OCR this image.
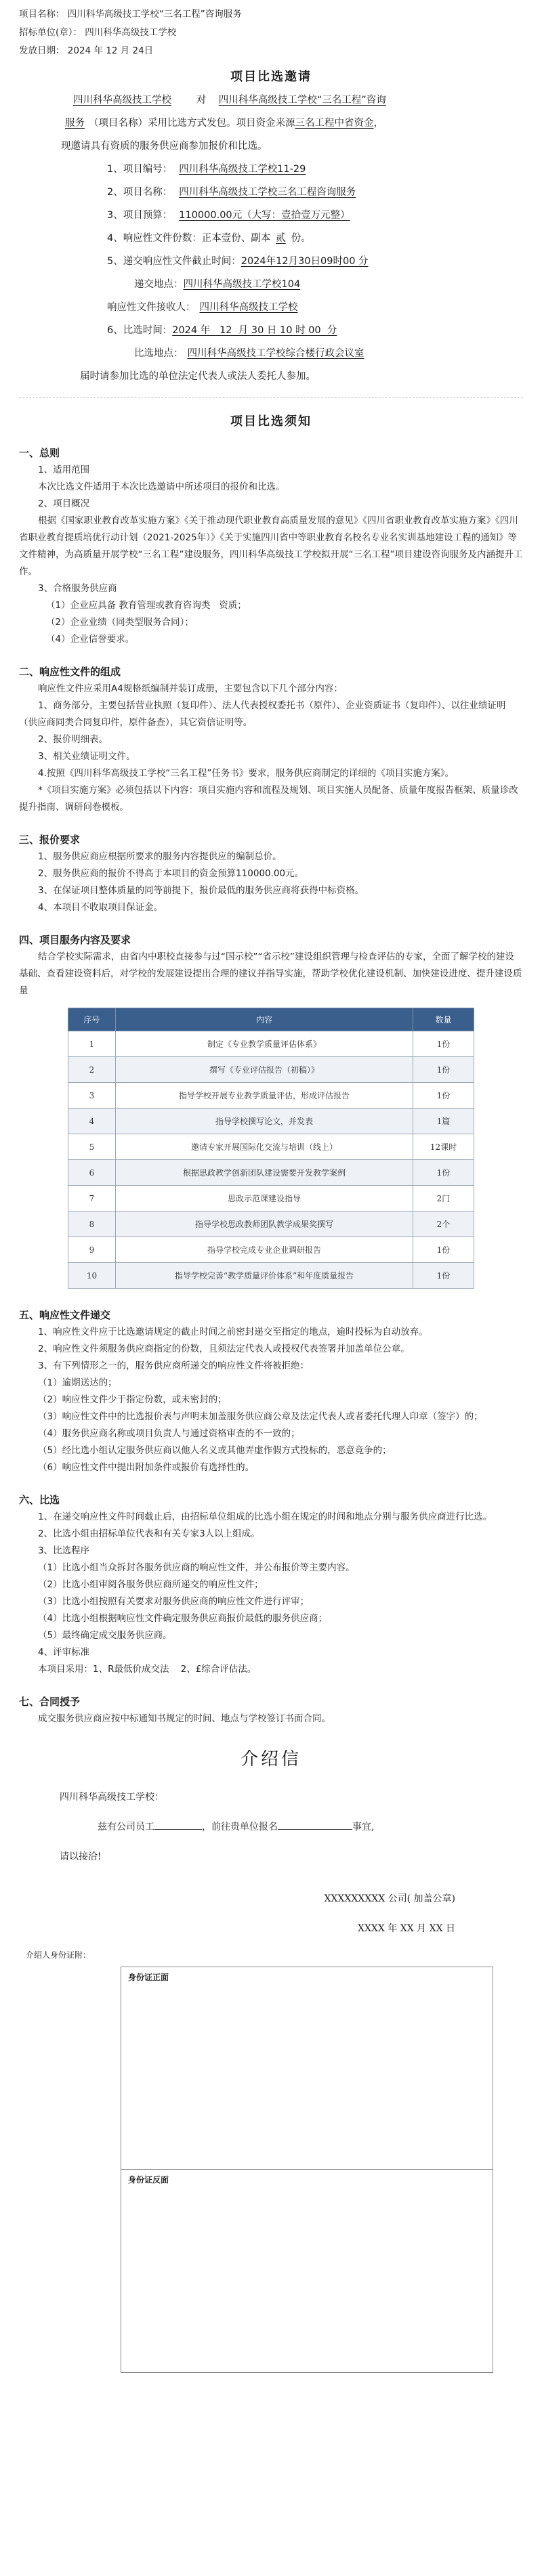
项目名称： 四川科华高级技工学校“三名工程”咨询服务
招标单位(章）： 四川科华高级技工学校
发放日期： 2024 年 12 月 24日
项目比选邀请
四川科华高级技工学校	对 四川科华高级技工学校“三名工程”咨询
服务 （项目名称）采用比选方式发包。项目资金来源三名工程中省资金，
现邀请具有资质的服务供应商参加报价和比选。
1、项目编号： 四川科华高级技工学校11-29
2、项目名称： 四川科华高级技工学校三名工程咨询服务
3、项目预算： 110000.00元（大写：壹拾壹万元整）
4、响应性文件份数：正本壹份、副本 贰 份。
5、递交响应性文件截止时间：2024年12月30日09时00 分
递交地点：四川科华高级技工学校104
响应性文件接收人： 四川科华高级技工学校
6、比选时间：2024 年   12  月 30 日 10 时 00  分
比选地点： 四川科华高级技工学校综合楼行政会议室
届时请参加比选的单位法定代表人或法人委托人参加。
项目比选须知
一、总则
1、适用范围
本次比选文件适用于本次比选邀请中所述项目的报价和比选。
2、项目概况
根据《国家职业教育改革实施方案》《关于推动现代职业教育高质量发展的意见》《四川省职业教育改革实施方案》《四川省职业教育提质培优行动计划（2021-2025年）》《关于实施四川省中等职业教育名校名专业名实训基地建设工程的通知》等文件精神，为高质量开展学校“三名工程”建设服务，四川科华高级技工学校拟开展“三名工程”项目建设咨询服务及内涵提升工作。
3、合格服务供应商
（1）企业应具备 教育管理或教育咨询类   资质；
（2）企业业绩（同类型服务合同）；
（4）企业信誉要求。
二、响应性文件的组成
响应性文件应采用A4规格纸编制并装订成册，主要包含以下几个部分内容：
1、商务部分，主要包括营业执照（复印件）、法人代表授权委托书（原件）、企业资质证书（复印件）、以往业绩证明（供应商同类合同复印件，原件备查），其它资信证明等。
2、报价明细表。
3、相关业绩证明文件。
4.按照《四川科华高级技工学校“三名工程”任务书》要求，服务供应商制定的详细的《项目实施方案》。
*《项目实施方案》必须包括以下内容：项目实施内容和流程及规划、项目实施人员配备、质量年度报告框架、质量诊改提升指南、调研问卷模板。
三、报价要求
1、服务供应商应根据所要求的服务内容提供应的编制总价。
2、服务供应商的报价不得高于本项目的资金预算110000.00元。
3、在保证项目整体质量的同等前提下，报价最低的服务供应商将获得中标资格。
4、本项目不收取项目保证金。
四、项目服务内容及要求
结合学校实际需求，由省内中职校直接参与过“国示校”“省示校”建设组织管理与检查评估的专家，全面了解学校的建设基础、查看建设资料后，对学校的发展建设提出合理的建议并指导实施，帮助学校优化建设机制、加快建设进度、提升建设质量
序号	内容	数量
1	制定《专业教学质量评估体系》	1份
2	撰写《专业评估报告（初稿）》	1份
3	指导学校开展专业教学质量评估，形成评估报告	1份
4	指导学校撰写论文，并发表	1篇
5	邀请专家开展国际化交流与培训（线上）	12课时
6	根据思政教学创新团队建设需要开发教学案例	1份
7	思政示范课建设指导	2门
8	指导学校思政教师团队教学成果奖撰写	2个
9	指导学校完成专业企业调研报告	1份
10	指导学校完善“教学质量评价体系”和年度质量报告	1份
五、响应性文件递交
1、响应性文件应于比选邀请规定的截止时间之前密封递交至指定的地点，逾时投标为自动放弃。
2、响应性文件须服务供应商指定的份数，且须法定代表人或授权代表签署并加盖单位公章。
3、有下列情形之一的，服务供应商所递交的响应性文件将被拒绝：
（1）逾期送达的；
（2）响应性文件少于指定份数，或未密封的；
（3）响应性文件中的比选报价表与声明未加盖服务供应商公章及法定代表人或者委托代理人印章（签字）的；
（4）服务供应商名称或项目负责人与通过资格审查的不一致的；
（5）经比选小组认定服务供应商以他人名义或其他弄虚作假方式投标的，恶意竞争的；
（6）响应性文件中提出附加条件或报价有选择性的。
六、比选
1、在递交响应性文件时间截止后，由招标单位组成的比选小组在规定的时间和地点分别与服务供应商进行比选。
2、比选小组由招标单位代表和有关专家3人以上组成。
3、比选程序
（1）比选小组当众拆封各服务供应商的响应性文件，并公布报价等主要内容。
（2）比选小组审阅各服务供应商所递交的响应性文件；
（3）比选小组按照有关要求对服务供应商的响应性文件进行评审；
（4）比选小组根据响应性文件确定服务供应商报价最低的服务供应商；
（5）最终确定成交服务供应商。
4、评审标准
本项目采用：1、R最低价成交法    2、£综合评估法。
七、合同授予
成交服务供应商应按中标通知书规定的时间、地点与学校签订书面合同。
介绍信
四川科华高级技工学校：
兹有公司员工	，前往贵单位报名	事宜,
请以接洽!
XXXXXXXXX 公司( 加盖公章)
XXXX 年 XX 月 XX 日
介绍人身份证附：
身份证正面
身份证反面
